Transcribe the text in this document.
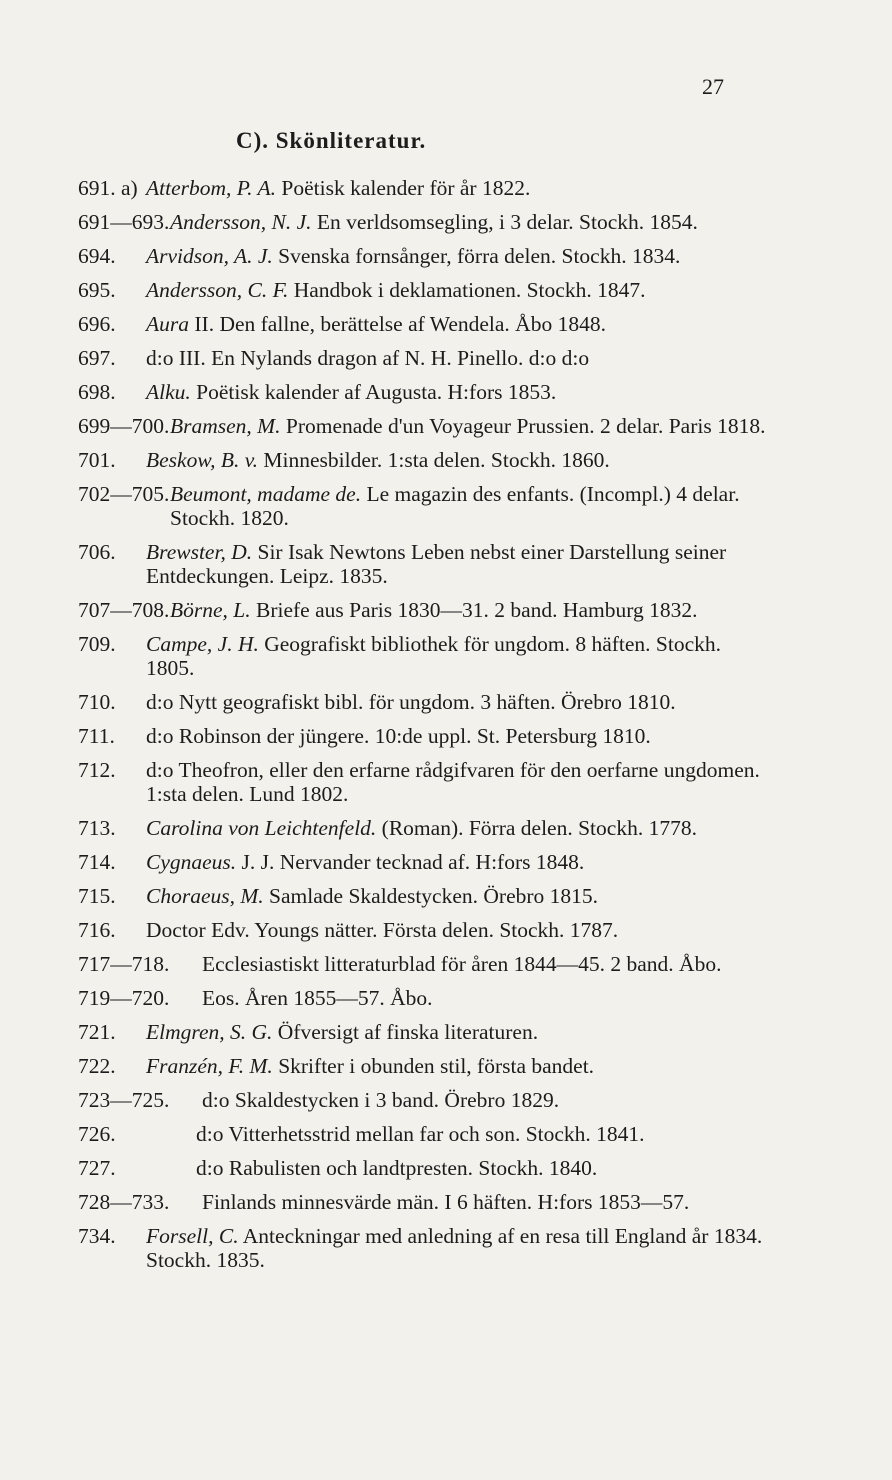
27
C). Skönliteratur.
691. a) Atterbom, P. A. Poëtisk kalender för år 1822.
691—693. Andersson, N. J. En verldsomsegling, i 3 delar. Stockh. 1854.
694.	Arvidson, A. J. Svenska fornsånger, förra delen. Stockh. 1834.
695.	Andersson, C. F. Handbok i deklamationen. Stockh. 1847.
696.	Aura II. Den fallne, berättelse af Wendela. Åbo 1848.
697.	d:o III. En Nylands dragon af N. H. Pinello. d:o d:o
698.	Alku. Poëtisk kalender af Augusta. H:fors 1853.
699—700. Bramsen, M. Promenade d'un Voyageur Prussien. 2 delar. Paris 1818.
701.	Beskow, B. v. Minnesbilder. 1:sta delen. Stockh. 1860.
702—705. Beumont, madame de. Le magazin des enfants. (Incompl.) 4 delar. Stockh. 1820.
706.	Brewster, D. Sir Isak Newtons Leben nebst einer Darstellung seiner Entdeckungen. Leipz. 1835.
707—708. Börne, L. Briefe aus Paris 1830—31. 2 band. Hamburg 1832.
709.	Campe, J. H. Geografiskt bibliothek för ungdom. 8 häften. Stockh. 1805.
710.	d:o Nytt geografiskt bibl. för ungdom. 3 häften. Örebro 1810.
711.	d:o Robinson der jüngere. 10:de uppl. St. Petersburg 1810.
712.	d:o Theofron, eller den erfarne rådgifvaren för den oerfarne ungdomen. 1:sta delen. Lund 1802.
713.	Carolina von Leichtenfeld. (Roman). Förra delen. Stockh. 1778.
714.	Cygnaeus. J. J. Nervander tecknad af. H:fors 1848.
715.	Choraeus, M. Samlade Skaldestycken. Örebro 1815.
716.	Doctor Edv. Youngs nätter. Första delen. Stockh. 1787.
717—718.	Ecclesiastiskt litteraturblad för åren 1844—45. 2 band. Åbo.
719—720.	Eos. Åren 1855—57. Åbo.
721.	Elmgren, S. G. Öfversigt af finska literaturen.
722.	Franzén, F. M. Skrifter i obunden stil, första bandet.
723—725.	d:o Skaldestycken i 3 band. Örebro 1829.
726.	d:o Vitterhetsstrid mellan far och son. Stockh. 1841.
727.	d:o Rabulisten och landtpresten. Stockh. 1840.
728—733.	Finlands minnesvärde män. I 6 häften. H:fors 1853—57.
734.	Forsell, C. Anteckningar med anledning af en resa till England år 1834. Stockh. 1835.
